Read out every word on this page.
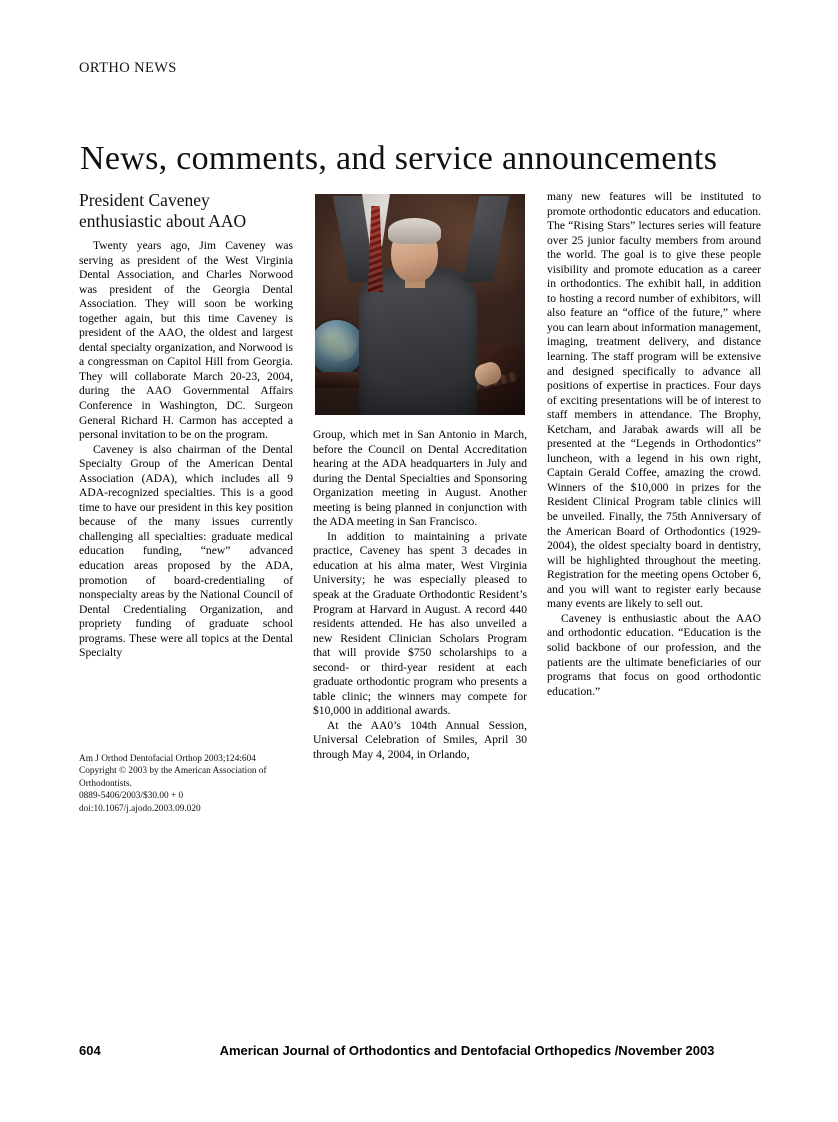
ORTHO NEWS
News, comments, and service announcements
President Caveney
enthusiastic about AAO

Twenty years ago, Jim Caveney was serving as president of the West Virginia Dental Association, and Charles Norwood was president of the Georgia Dental Association. They will soon be working together again, but this time Caveney is president of the AAO, the oldest and largest dental specialty organization, and Norwood is a congressman on Capitol Hill from Georgia. They will collaborate March 20-23, 2004, during the AAO Governmental Affairs Conference in Washington, DC. Surgeon General Richard H. Carmon has accepted a personal invitation to be on the program.

Caveney is also chairman of the Dental Specialty Group of the American Dental Association (ADA), which includes all 9 ADA-recognized specialties. This is a good time to have our president in this key position because of the many issues currently challenging all specialties: graduate medical education funding, “new” advanced education areas proposed by the ADA, promotion of board-credentialing of nonspecialty areas by the National Council of Dental Credentialing Organization, and propriety funding of graduate school programs. These were all topics at the Dental Specialty

Group, which met in San Antonio in March, before the Council on Dental Accreditation hearing at the ADA headquarters in July and during the Dental Specialties and Sponsoring Organization meeting in August. Another meeting is being planned in conjunction with the ADA meeting in San Francisco.

In addition to maintaining a private practice, Caveney has spent 3 decades in education at his alma mater, West Virginia University; he was especially pleased to speak at the Graduate Orthodontic Resident’s Program at Harvard in August. A record 440 residents attended. He has also unveiled a new Resident Clinician Scholars Program that will provide $750 scholarships to a second- or third-year resident at each graduate orthodontic program who presents a table clinic; the winners may compete for $10,000 in additional awards.

At the AA0’s 104th Annual Session, Universal Celebration of Smiles, April 30 through May 4, 2004, in Orlando,

many new features will be instituted to promote orthodontic educators and education. The “Rising Stars” lectures series will feature over 25 junior faculty members from around the world. The goal is to give these people visibility and promote education as a career in orthodontics. The exhibit hall, in addition to hosting a record number of exhibitors, will also feature an “office of the future,” where you can learn about information management, imaging, treatment delivery, and distance learning. The staff program will be extensive and designed specifically to advance all positions of expertise in practices. Four days of exciting presentations will be of interest to staff members in attendance. The Brophy, Ketcham, and Jarabak awards will all be presented at the “Legends in Orthodontics” luncheon, with a legend in his own right, Captain Gerald Coffee, amazing the crowd. Winners of the $10,000 in prizes for the Resident Clinical Program table clinics will be unveiled. Finally, the 75th Anniversary of the American Board of Orthodontics (1929-2004), the oldest specialty board in dentistry, will be highlighted throughout the meeting. Registration for the meeting opens October 6, and you will want to register early because many events are likely to sell out.

Caveney is enthusiastic about the AAO and orthodontic education. “Education is the solid backbone of our profession, and the patients are the ultimate beneficiaries of our programs that focus on good orthodontic education.”

Am J Orthod Dentofacial Orthop 2003;124:604
Copyright © 2003 by the American Association of
Orthodontists.
0889-5406/2003/$30.00 + 0
doi:10.1067/j.ajodo.2003.09.020
604	American Journal of Orthodontics and Dentofacial Orthopedics /November 2003
